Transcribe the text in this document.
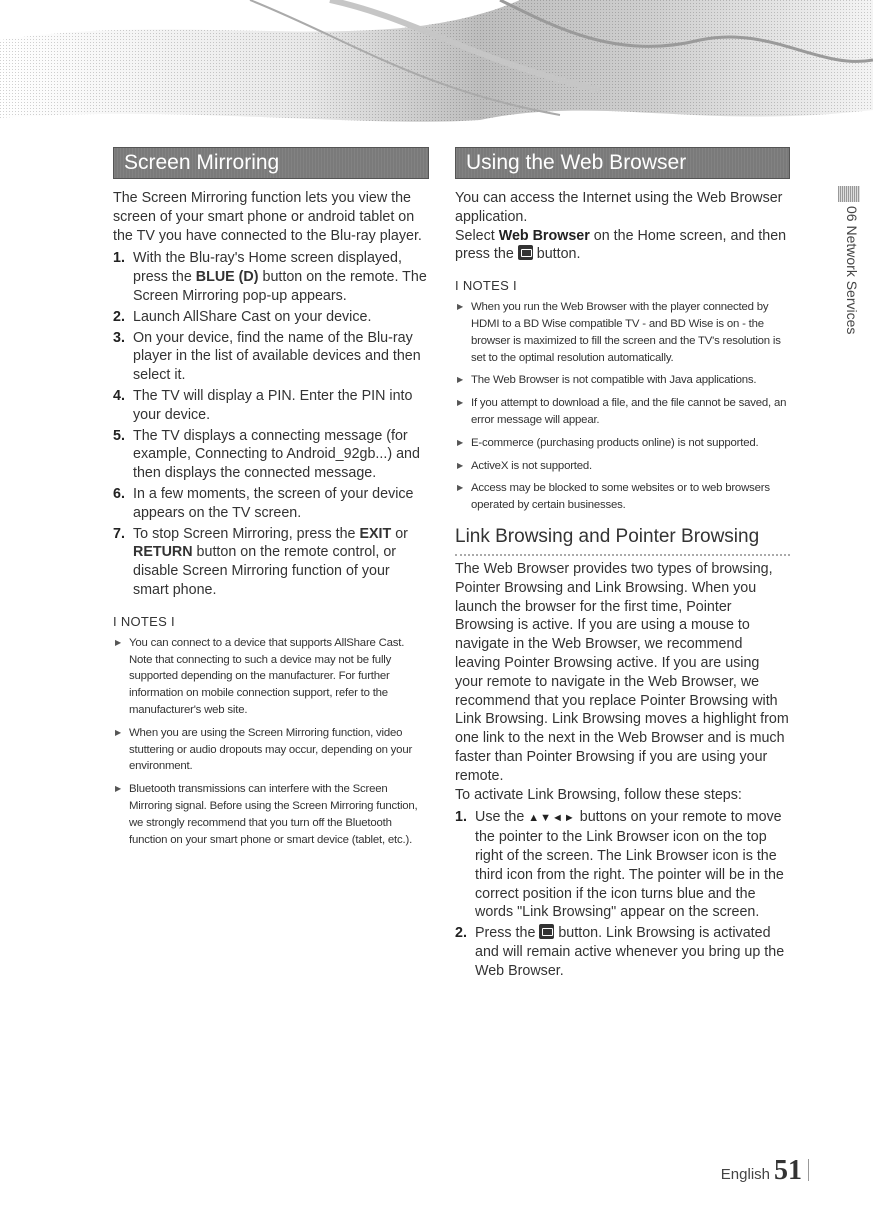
Screen Mirroring

The Screen Mirroring function lets you view the screen of your smart phone or android tablet on the TV you have connected to the Blu-ray player.

1. With the Blu-ray's Home screen displayed, press the BLUE (D) button on the remote. The Screen Mirroring pop-up appears.
2. Launch AllShare Cast on your device.
3. On your device, find the name of the Blu-ray player in the list of available devices and then select it.
4. The TV will display a PIN. Enter the PIN into your device.
5. The TV displays a connecting message (for example, Connecting to Android_92gb...) and then displays the connected message.
6. In a few moments, the screen of your device appears on the TV screen.
7. To stop Screen Mirroring, press the EXIT or RETURN button on the remote control, or disable Screen Mirroring function of your smart phone.
I NOTES I
▶ You can connect to a device that supports AllShare Cast. Note that connecting to such a device may not be fully supported depending on the manufacturer. For further information on mobile connection support, refer to the manufacturer's web site.
▶ When you are using the Screen Mirroring function, video stuttering or audio dropouts may occur, depending on your environment.
▶ Bluetooth transmissions can interfere with the Screen Mirroring signal. Before using the Screen Mirroring function, we strongly recommend that you turn off the Bluetooth function on your smart phone or smart device (tablet, etc.).
Using the Web Browser

You can access the Internet using the Web Browser application.

Select Web Browser on the Home screen, and then press the  button.

I NOTES I
▶ When you run the Web Browser with the player connected by HDMI to a BD Wise compatible TV - and BD Wise is on - the browser is maximized to fill the screen and the TV's resolution is set to the optimal resolution automatically.
▶ The Web Browser is not compatible with Java applications.
▶ If you attempt to download a file, and the file cannot be saved, an error message will appear.
▶ E-commerce (purchasing products online) is not supported.
▶ ActiveX is not supported.
▶ Access may be blocked to some websites or to web browsers operated by certain businesses.
Link Browsing and Pointer Browsing

The Web Browser provides two types of browsing, Pointer Browsing and Link Browsing. When you launch the browser for the first time, Pointer Browsing is active. If you are using a mouse to navigate in the Web Browser, we recommend leaving Pointer Browsing active. If you are using your remote to navigate in the Web Browser, we recommend that you replace Pointer Browsing with Link Browsing. Link Browsing moves a highlight from one link to the next in the Web Browser and is much faster than Pointer Browsing if you are using your remote.

To activate Link Browsing, follow these steps:

1. Use the ▲▼◄► buttons on your remote to move the pointer to the Link Browser icon on the top right of the screen. The Link Browser icon is the third icon from the right. The pointer will be in the correct position if the icon turns blue and the words "Link Browsing" appear on the screen.
2. Press the  button. Link Browsing is activated and will remain active whenever you bring up the Web Browser.
06 Network Services
English 51
